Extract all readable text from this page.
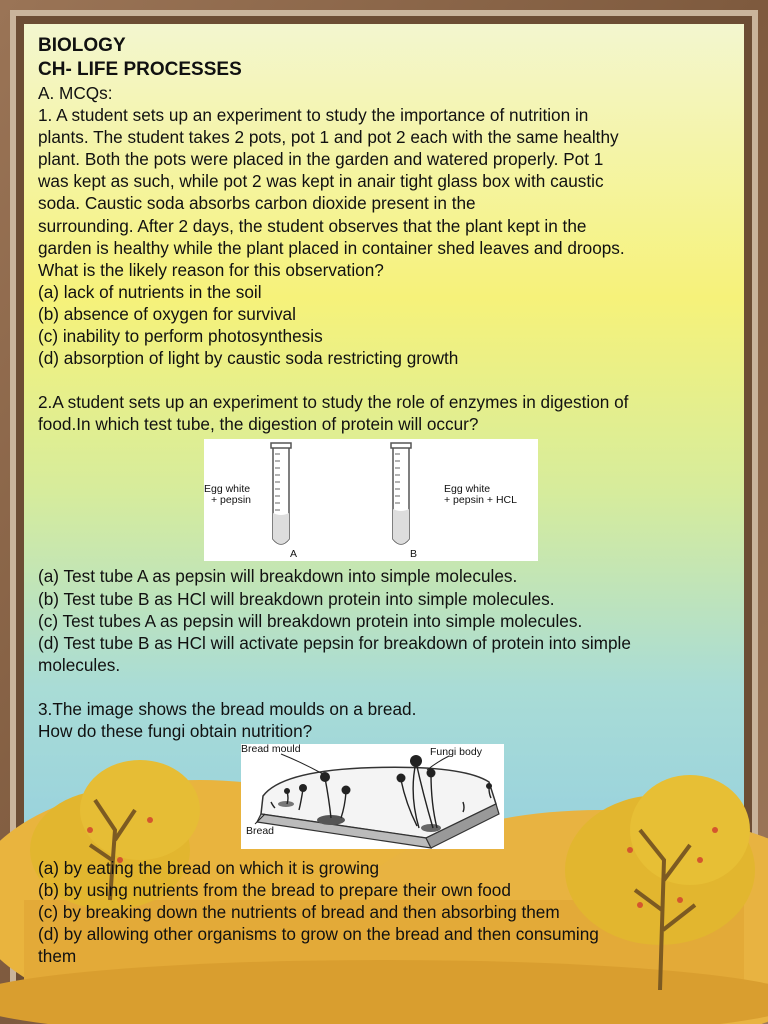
BIOLOGY
CH- LIFE PROCESSES
A. MCQs:
1. A student sets up an experiment to study the importance of nutrition in
plants. The student takes 2 pots, pot 1 and pot 2 each with the same healthy
plant. Both the pots were placed in the garden and watered properly. Pot 1
was kept as such, while pot 2 was kept in anair tight glass box with caustic
soda. Caustic soda absorbs carbon dioxide present in the
surrounding. After 2 days, the student observes that the plant kept in the
garden is healthy while the plant placed in container shed leaves and droops.
What is the likely reason for this observation?
(a) lack of nutrients in the soil
(b) absence of oxygen for survival
(c) inability to perform photosynthesis
(d) absorption of light by caustic soda restricting growth
2.A student sets up an experiment to study the role of enzymes in digestion of
food.In which test tube, the digestion of protein will occur?
Egg white
+ pepsin
Egg white
+ pepsin + HCL
A	B
(a) Test tube A as pepsin will breakdown into simple molecules.
(b) Test tube B as HCl will breakdown protein into simple molecules.
(c) Test tubes A as pepsin will breakdown protein into simple molecules.
(d) Test tube B as HCl will activate pepsin for breakdown of protein into simple
molecules.
3.The image shows the bread moulds on a bread.
How do these fungi obtain nutrition?
Bread mould	Fungi body
Bread
(a) by eating the bread on which it is growing
(b) by using nutrients from the bread to prepare their own food
(c) by breaking down the nutrients of bread and then absorbing them
(d) by allowing other organisms to grow on the bread and then consuming
them
